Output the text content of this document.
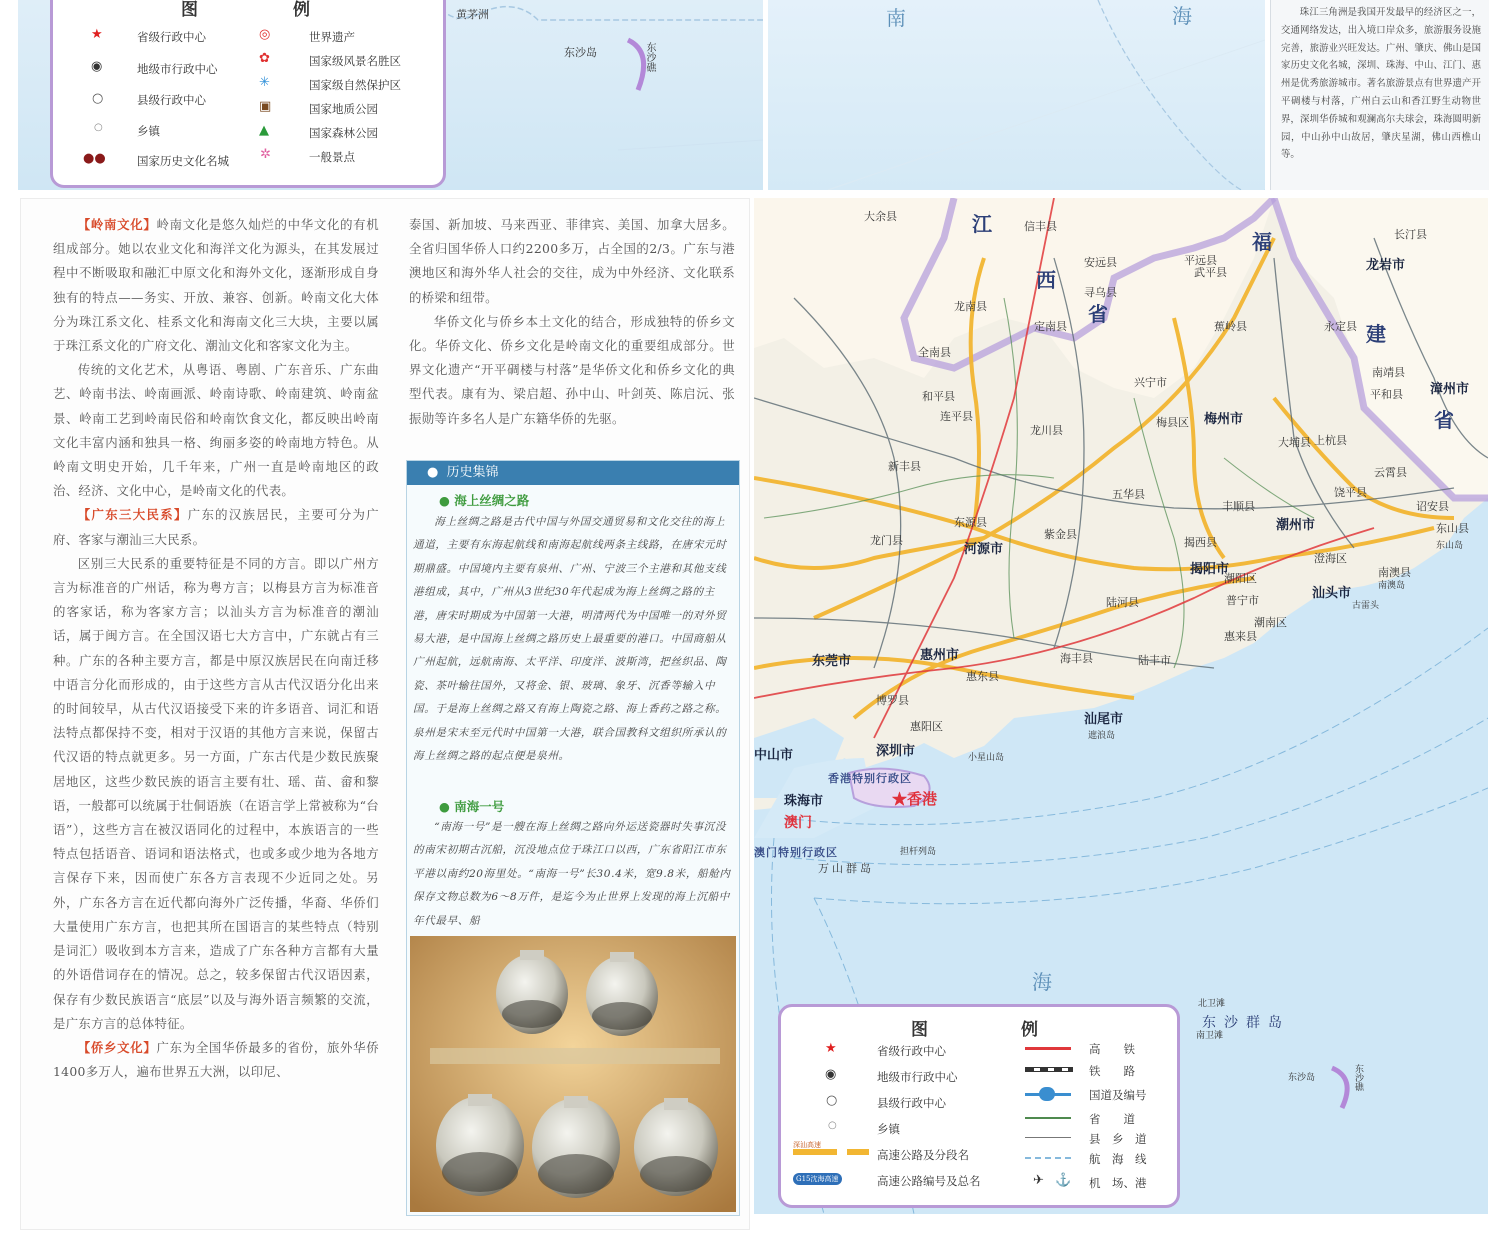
黄茅洲
东沙岛	东沙礁
图	例
★	省级行政中心
◉	地级市行政中心
○	县级行政中心
○	乡镇
●●	国家历史文化名城
◎	世界遗产
✿	国家级风景名胜区
✳	国家级自然保护区
▣	国家地质公园
▲	国家森林公园
✲	一般景点
南	海	珠江三角洲是我国开发最早的经济区之一，交通网络发达，出入境口岸众多，旅游服务设施完善，旅游业兴旺发达。广州、肇庆、佛山是国家历史文化名城，深圳、珠海、中山、江门、惠州是优秀旅游城市。著名旅游景点有世界遗产开平碉楼与村落，广州白云山和香江野生动物世界，深圳华侨城和观澜高尔夫球会，珠海圆明新园，中山孙中山故居，肇庆星湖，佛山西樵山等。

【岭南文化】岭南文化是悠久灿烂的中华文化的有机组成部分。她以农业文化和海洋文化为源头，在其发展过程中不断吸取和融汇中原文化和海外文化，逐渐形成自身独有的特点——务实、开放、兼容、创新。岭南文化大体分为珠江系文化、桂系文化和海南文化三大块，主要以属于珠江系文化的广府文化、潮汕文化和客家文化为主。

传统的文化艺术，从粤语、粤剧、广东音乐、广东曲艺、岭南书法、岭南画派、岭南诗歌、岭南建筑、岭南盆景、岭南工艺到岭南民俗和岭南饮食文化，都反映出岭南文化丰富内涵和独具一格、绚丽多姿的岭南地方特色。从岭南文明史开始，几千年来，广州一直是岭南地区的政治、经济、文化中心，是岭南文化的代表。

【广东三大民系】广东的汉族居民，主要可分为广府、客家与潮汕三大民系。

区别三大民系的重要特征是不同的方言。即以广州方言为标准音的广州话，称为粤方言；以梅县方言为标准音的客家话，称为客家方言；以汕头方言为标准音的潮汕话，属于闽方言。在全国汉语七大方言中，广东就占有三种。广东的各种主要方言，都是中原汉族居民在向南迁移中语言分化而形成的，由于这些方言从古代汉语分化出来的时间较早，从古代汉语接受下来的许多语音、词汇和语法特点都保持不变，相对于汉语的其他方言来说，保留古代汉语的特点就更多。另一方面，广东古代是少数民族聚居地区，这些少数民族的语言主要有壮、瑶、苗、畲和黎语，一般都可以统属于壮侗语族（在语言学上常被称为“台语”），这些方言在被汉语同化的过程中，本族语言的一些特点包括语音、语词和语法格式，也或多或少地为各地方言保存下来，因而使广东各方言表现不少近同之处。另外，广东各方言在近代都向海外广泛传播，华裔、华侨们大量使用广东方言，也把其所在国语言的某些特点（特别是词汇）吸收到本方言来，造成了广东各种方言都有大量的外语借词存在的情况。总之，较多保留古代汉语因素，保存有少数民族语言“底层”以及与海外语言频繁的交流，是广东方言的总体特征。

【侨乡文化】广东为全国华侨最多的省份，旅外华侨1400多万人，遍布世界五大洲，以印尼、

泰国、新加坡、马来西亚、菲律宾、美国、加拿大居多。全省归国华侨人口约2200多万，占全国的2/3。广东与港澳地区和海外华人社会的交往，成为中外经济、文化联系的桥梁和纽带。

华侨文化与侨乡本土文化的结合，形成独特的侨乡文化。华侨文化、侨乡文化是岭南文化的重要组成部分。世界文化遗产“开平碉楼与村落”是华侨文化和侨乡文化的典型代表。康有为、梁启超、孙中山、叶剑英、陈启沅、张振勋等许多名人是广东籍华侨的先驱。

● 历史集锦
● 海上丝绸之路

海上丝绸之路是古代中国与外国交通贸易和文化交往的海上通道，主要有东海起航线和南海起航线两条主线路，在唐宋元时期鼎盛。中国境内主要有泉州、广州、宁波三个主港和其他支线港组成，其中，广州从3世纪30年代起成为海上丝绸之路的主港，唐宋时期成为中国第一大港，明清两代为中国唯一的对外贸易大港，是中国海上丝绸之路历史上最重要的港口。中国商船从广州起航，远航南海、太平洋、印度洋、波斯湾，把丝织品、陶瓷、茶叶输往国外，又将金、银、玻璃、象牙、沉香等输入中国。于是海上丝绸之路又有海上陶瓷之路、海上香药之路之称。泉州是宋末至元代时中国第一大港，联合国教科文组织所承认的海上丝绸之路的起点便是泉州。

● 南海一号

“南海一号”是一艘在海上丝绸之路向外运送瓷器时失事沉没的南宋初期古沉船，沉没地点位于珠江口以西，广东省阳江市东平港以南约20海里处。“南海一号”长30.4米，宽9.8米，船舱内保存文物总数为6～8万件，是迄今为止世界上发现的海上沉船中年代最早、船

江
西
省
福
建
省
海
龙岩市
漳州市
梅州市
河源市
潮州市
揭阳市
汕头市
惠州市
汕尾市
东莞市
深圳市
珠海市
中山市
大余县
信丰县
安远县
寻乌县
平远县
龙南县
全南县
定南县	蕉岭县	永定县
南靖县
平和县
云霄县
兴宁市
五华县
梅县区
大埔县
丰顺县
饶平县
普宁市
惠来县
陆丰市
海丰县
紫金县
龙川县
和平县
连平县
东源县
博罗县
惠阳区
惠东县
新丰县
龙门县
南澳县
诏安县
东山县
武平县
上杭县
长汀县
陆河县
揭西县
澄海区
潮阳区
潮南区
★香港
香港特别行政区
澳门
澳门特别行政区
万山群岛
东沙群岛
北卫滩
南卫滩
东沙岛	东沙礁
遮浪岛
小星山岛
担杆列岛
南澳岛
东山岛
古雷头
图	例
★	省级行政中心
◉	地级市行政中心
○	县级行政中心
○	乡镇
深汕高速
高速公路及分段名
G15沈海高速	高速公路编号及总名
高　　铁
铁　　路
国道及编号
省　　道
县　乡　道
航　海　线
✈ ⚓ 机　场、港
